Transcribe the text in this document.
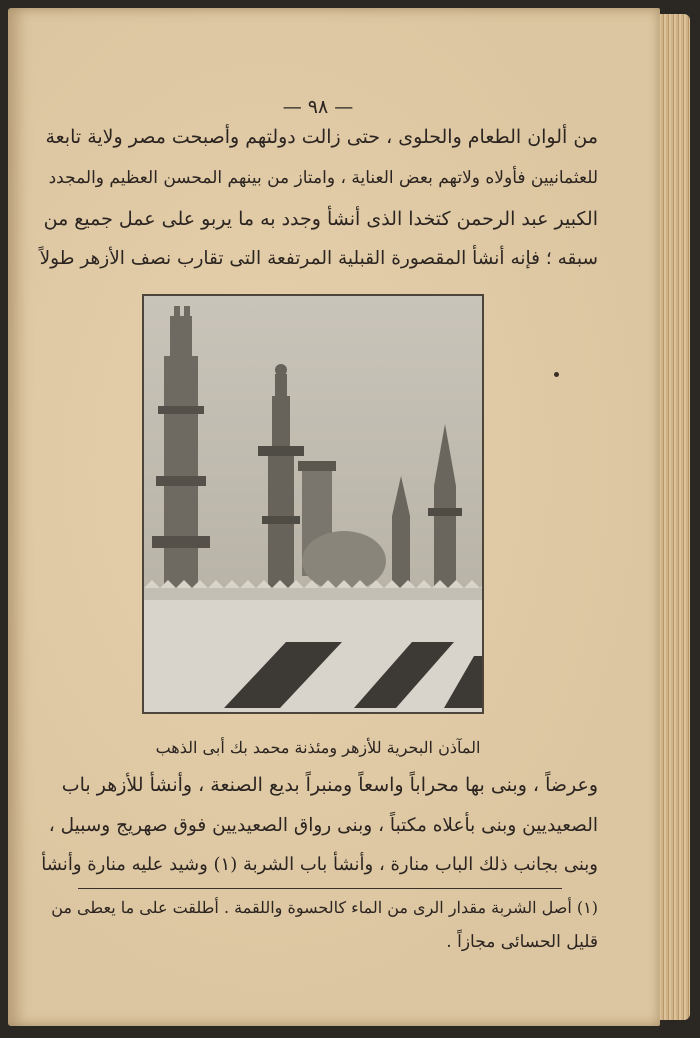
— ٩٨ —
من ألوان الطعام والحلوى ، حتى زالت دولتهم وأصبحت مصر ولاية تابعة
للعثمانيين فأولاه ولاتهم بعض العناية ، وامتاز من بينهم المحسن العظيم والمجدد
الكبير عبد الرحمن كتخدا الذى أنشأ وجدد به ما يربو على عمل جميع من
سبقه ؛ فإنه أنشأ المقصورة القبلية المرتفعة التى تقارب نصف الأزهر طولاً
المآذن البحرية للأزهر ومئذنة محمد بك أبى الذهب
وعرضاً ، وبنى بها محراباً واسعاً ومنبراً بديع الصنعة ، وأنشأ للأزهر باب
الصعيديين وبنى بأعلاه مكتباً ، وبنى رواق الصعيديين فوق صهريج وسبيل ،
وبنى بجانب ذلك الباب منارة ، وأنشأ باب الشربة (١) وشيد عليه منارة وأنشأ
(١) أصل الشربة مقدار الرى من الماء كالحسوة واللقمة . أطلقت على ما يعطى من
قليل الحسائى مجازاً .
